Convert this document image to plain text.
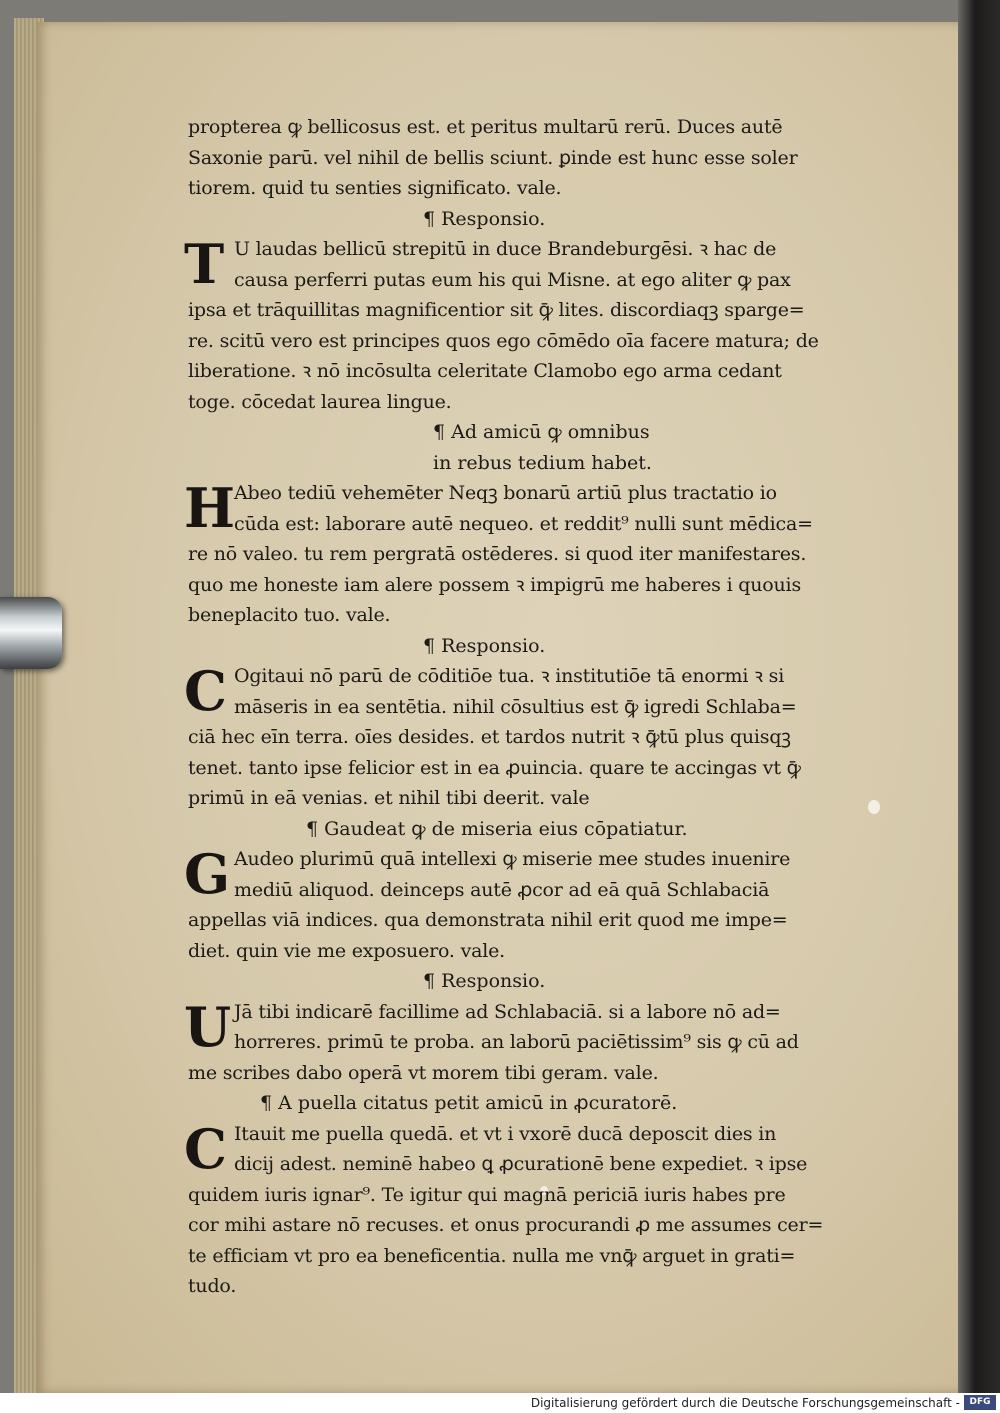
propterea ꝙ bellicosus est. et peritus multarū rerū. Duces autē
Saxonie parū. vel nihil de bellis sciunt. ꝑinde est hunc esse soler
tiorem. quid tu senties significato. vale.
¶ Responsio.
T U laudas bellicū strepitū in duce Brandeburgēsi. ꝛ hac de
causa perferri putas eum his qui Misne. at ego aliter ꝙ pax
ipsa et trāquillitas magnificentior sit ꝙ̄ lites. discordiaqꝫ sparge=
re. scitū vero est principes quos ego cōmēdo oīa facere matura; de
liberatione. ꝛ nō incōsulta celeritate Clamobo ego arma cedant
toge. cōcedat laurea lingue.
¶ Ad amicū ꝙ omnibus
in rebus tedium habet.
H
Abeo tediū vehemēter Neqꝫ bonarū artiū plus tractatio io
cūda est: laborare autē nequeo. et reddit⁹ nulli sunt mēdica=
re nō valeo. tu rem pergratā ostēderes. si quod iter manifestares.
quo me honeste iam alere possem ꝛ impigrū me haberes i quouis
beneplacito tuo. vale.
¶ Responsio.
C Ogitaui nō parū de cōditiōe tua. ꝛ institutiōe tā enormi ꝛ si
māseris in ea sentētia. nihil cōsultius est ꝙ̄ igredi Schlaba=
ciā hec eīn terra. oīes desides. et tardos nutrit ꝛ ꝙ̄tū plus quisqꝫ
tenet. tanto ipse felicior est in ea ꝓuincia. quare te accingas vt ꝙ̄
primū in eā venias. et nihil tibi deerit. vale
¶ Gaudeat ꝙ de miseria eius cōpatiatur.
G Audeo plurimū quā intellexi ꝙ miserie mee studes inuenire
mediū aliquod. deinceps autē ꝓcor ad eā quā Schlabaciā
appellas viā indices. qua demonstrata nihil erit quod me impe=
diet. quin vie me exposuero. vale.
¶ Responsio.
U Jā tibi indicarē facillime ad Schlabaciā. si a labore nō ad=
horreres. primū te proba. an laborū paciētissim⁹ sis ꝙ cū ad
me scribes dabo operā vt morem tibi geram. vale.
¶ A puella citatus petit amicū in ꝓcuratorē.
C Itauit me puella quedā. et vt i vxorē ducā deposcit dies in
dicij adest. neminē habeo ꝗ ꝓcurationē bene expediet. ꝛ ipse
quidem iuris ignar⁹. Te igitur qui magnā periciā iuris habes pre
cor mihi astare nō recuses. et onus procurandi ꝓ me assumes cer=
te efficiam vt pro ea beneficentia. nulla me vnꝙ̄ arguet in grati=
tudo.
Digitalisierung gefördert durch die Deutsche Forschungsgemeinschaft -	DFG
